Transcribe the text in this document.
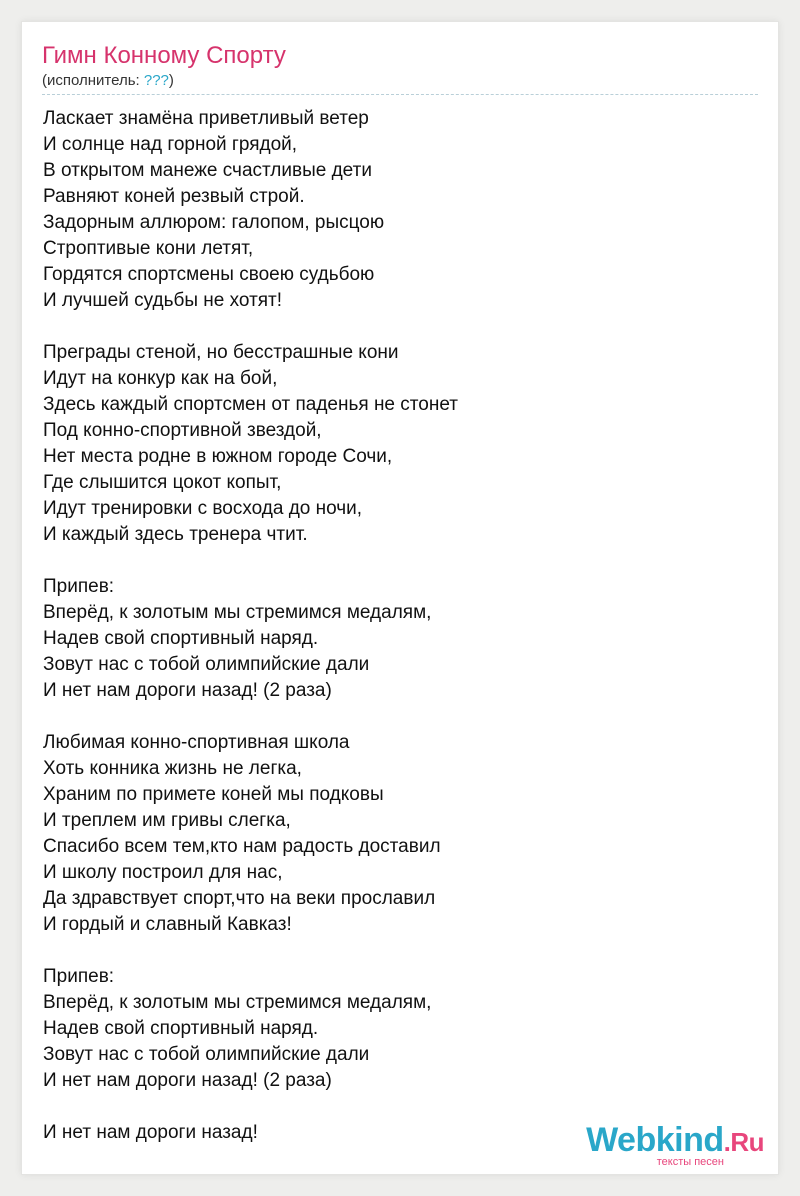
Гимн Конному Спорту
(исполнитель: ???)
Ласкает знамёна приветливый ветер
И солнце над горной грядой,
В открытом манеже счастливые дети
Равняют коней резвый строй.
Задорным аллюром: галопом, рысцою
Строптивые кони летят,
Гордятся спортсмены своею судьбою
И лучшей судьбы не хотят!
Преграды стеной, но бесстрашные кони
Идут на конкур как на бой,
Здесь каждый спортсмен от паденья не стонет
Под конно-спортивной звездой,
Нет места родне в южном городе Сочи,
Где слышится цокот копыт,
Идут тренировки с восхода до ночи,
И каждый здесь тренера чтит.
Припев:
Вперёд, к золотым мы стремимся медалям,
Надев свой спортивный наряд.
Зовут нас с тобой олимпийские дали
И нет нам дороги назад! (2 раза)
Любимая конно-спортивная школа
Хоть конника жизнь не легка,
Храним по примете коней мы подковы
И треплем им гривы слегка,
Спасибо всем тем,кто нам радость доставил
И школу построил для нас,
Да здравствует спорт,что на веки прославил
И гордый и славный Кавказ!
Припев:
Вперёд, к золотым мы стремимся медалям,
Надев свой спортивный наряд.
Зовут нас с тобой олимпийские дали
И нет нам дороги назад! (2 раза)
И нет нам дороги назад!	Webkind.Ru
тексты песен
